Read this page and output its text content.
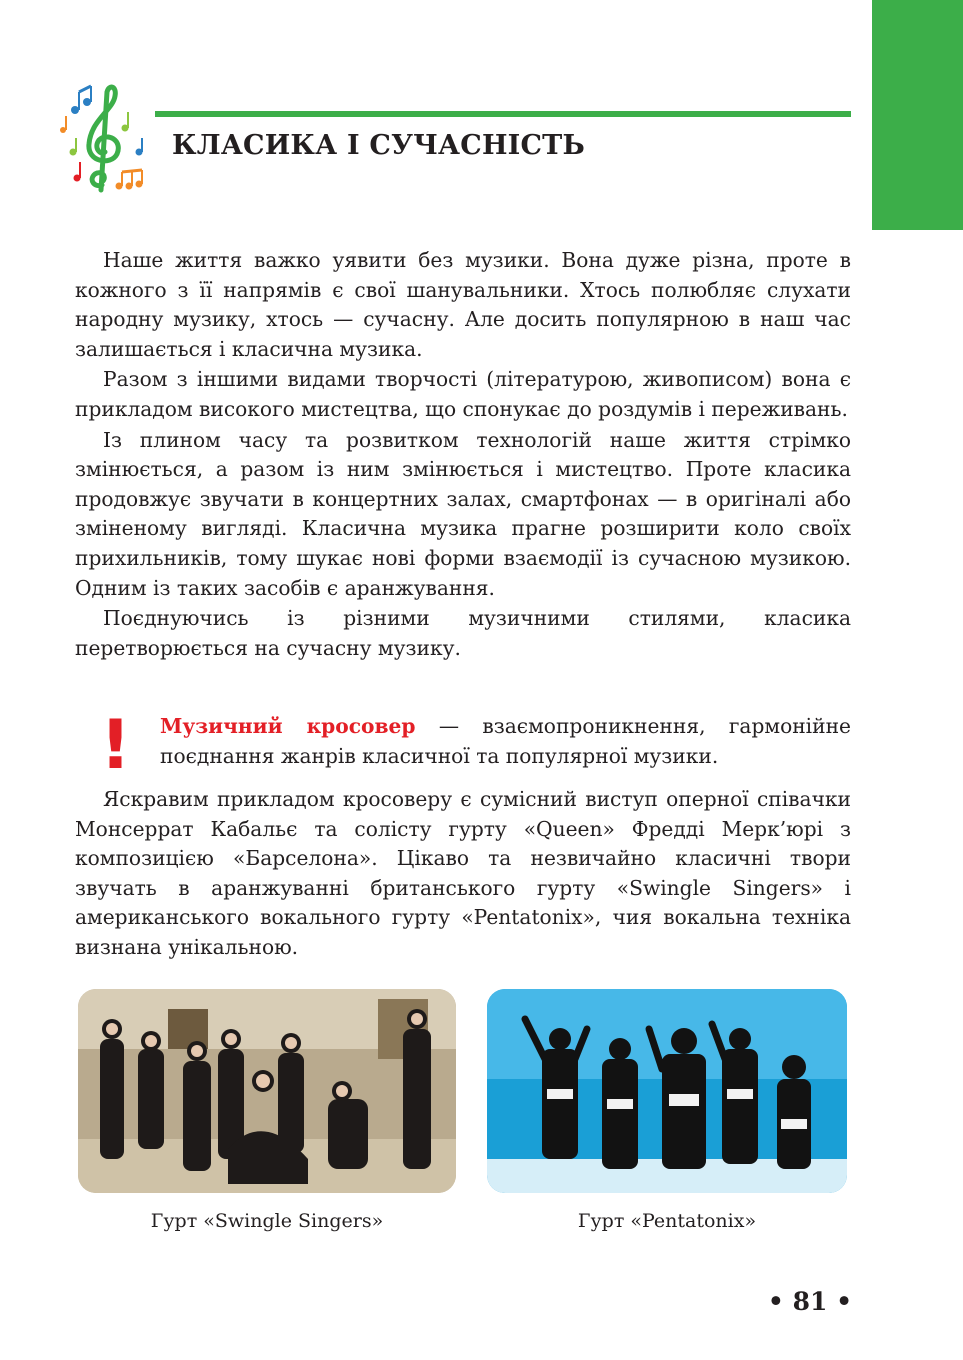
КЛАСИКА І СУЧАСНІСТЬ

Наше життя важко уявити без музики. Вона дуже різна, проте в кожного з її напрямів є свої шанувальники. Хтось полюбляє слухати народну музику, хтось — сучасну. Але досить популярною в наш час залишається і класична музика.

Разом з іншими видами творчості (літературою, живописом) вона є прикладом високого мистецтва, що спонукає до роздумів і переживань.

Із плином часу та розвитком технологій наше життя стрімко змінюється, а разом із ним змінюється і мистецтво. Проте класика продовжує звучати в концертних залах, смартфонах — в оригіналі або зміненому вигляді. Класична музика прагне розширити коло своїх прихильників, тому шукає нові форми взаємодії із сучасною музикою. Одним із таких засобів є аранжування.

Поєднуючись із різними музичними стилями, класика перетворюється на сучасну музику.

! Музичний кросовер — взаємопроникнення, гармонійне поєднання жанрів класичної та популярної музики.

Яскравим прикладом кросоверу є сумісний виступ оперної співачки Монсеррат Кабальє та солісту гурту «Queen» Фредді Мерк’юрі з композицією «Барселона». Цікаво та незвичайно класичні твори звучать в аранжуванні британського гурту «Swingle Singers» і американського вокального гурту «Pentatonix», чия вокальна техніка визнана унікальною.

Гурт «Swingle Singers»	Гурт «Pentatonix»

• 81 •
